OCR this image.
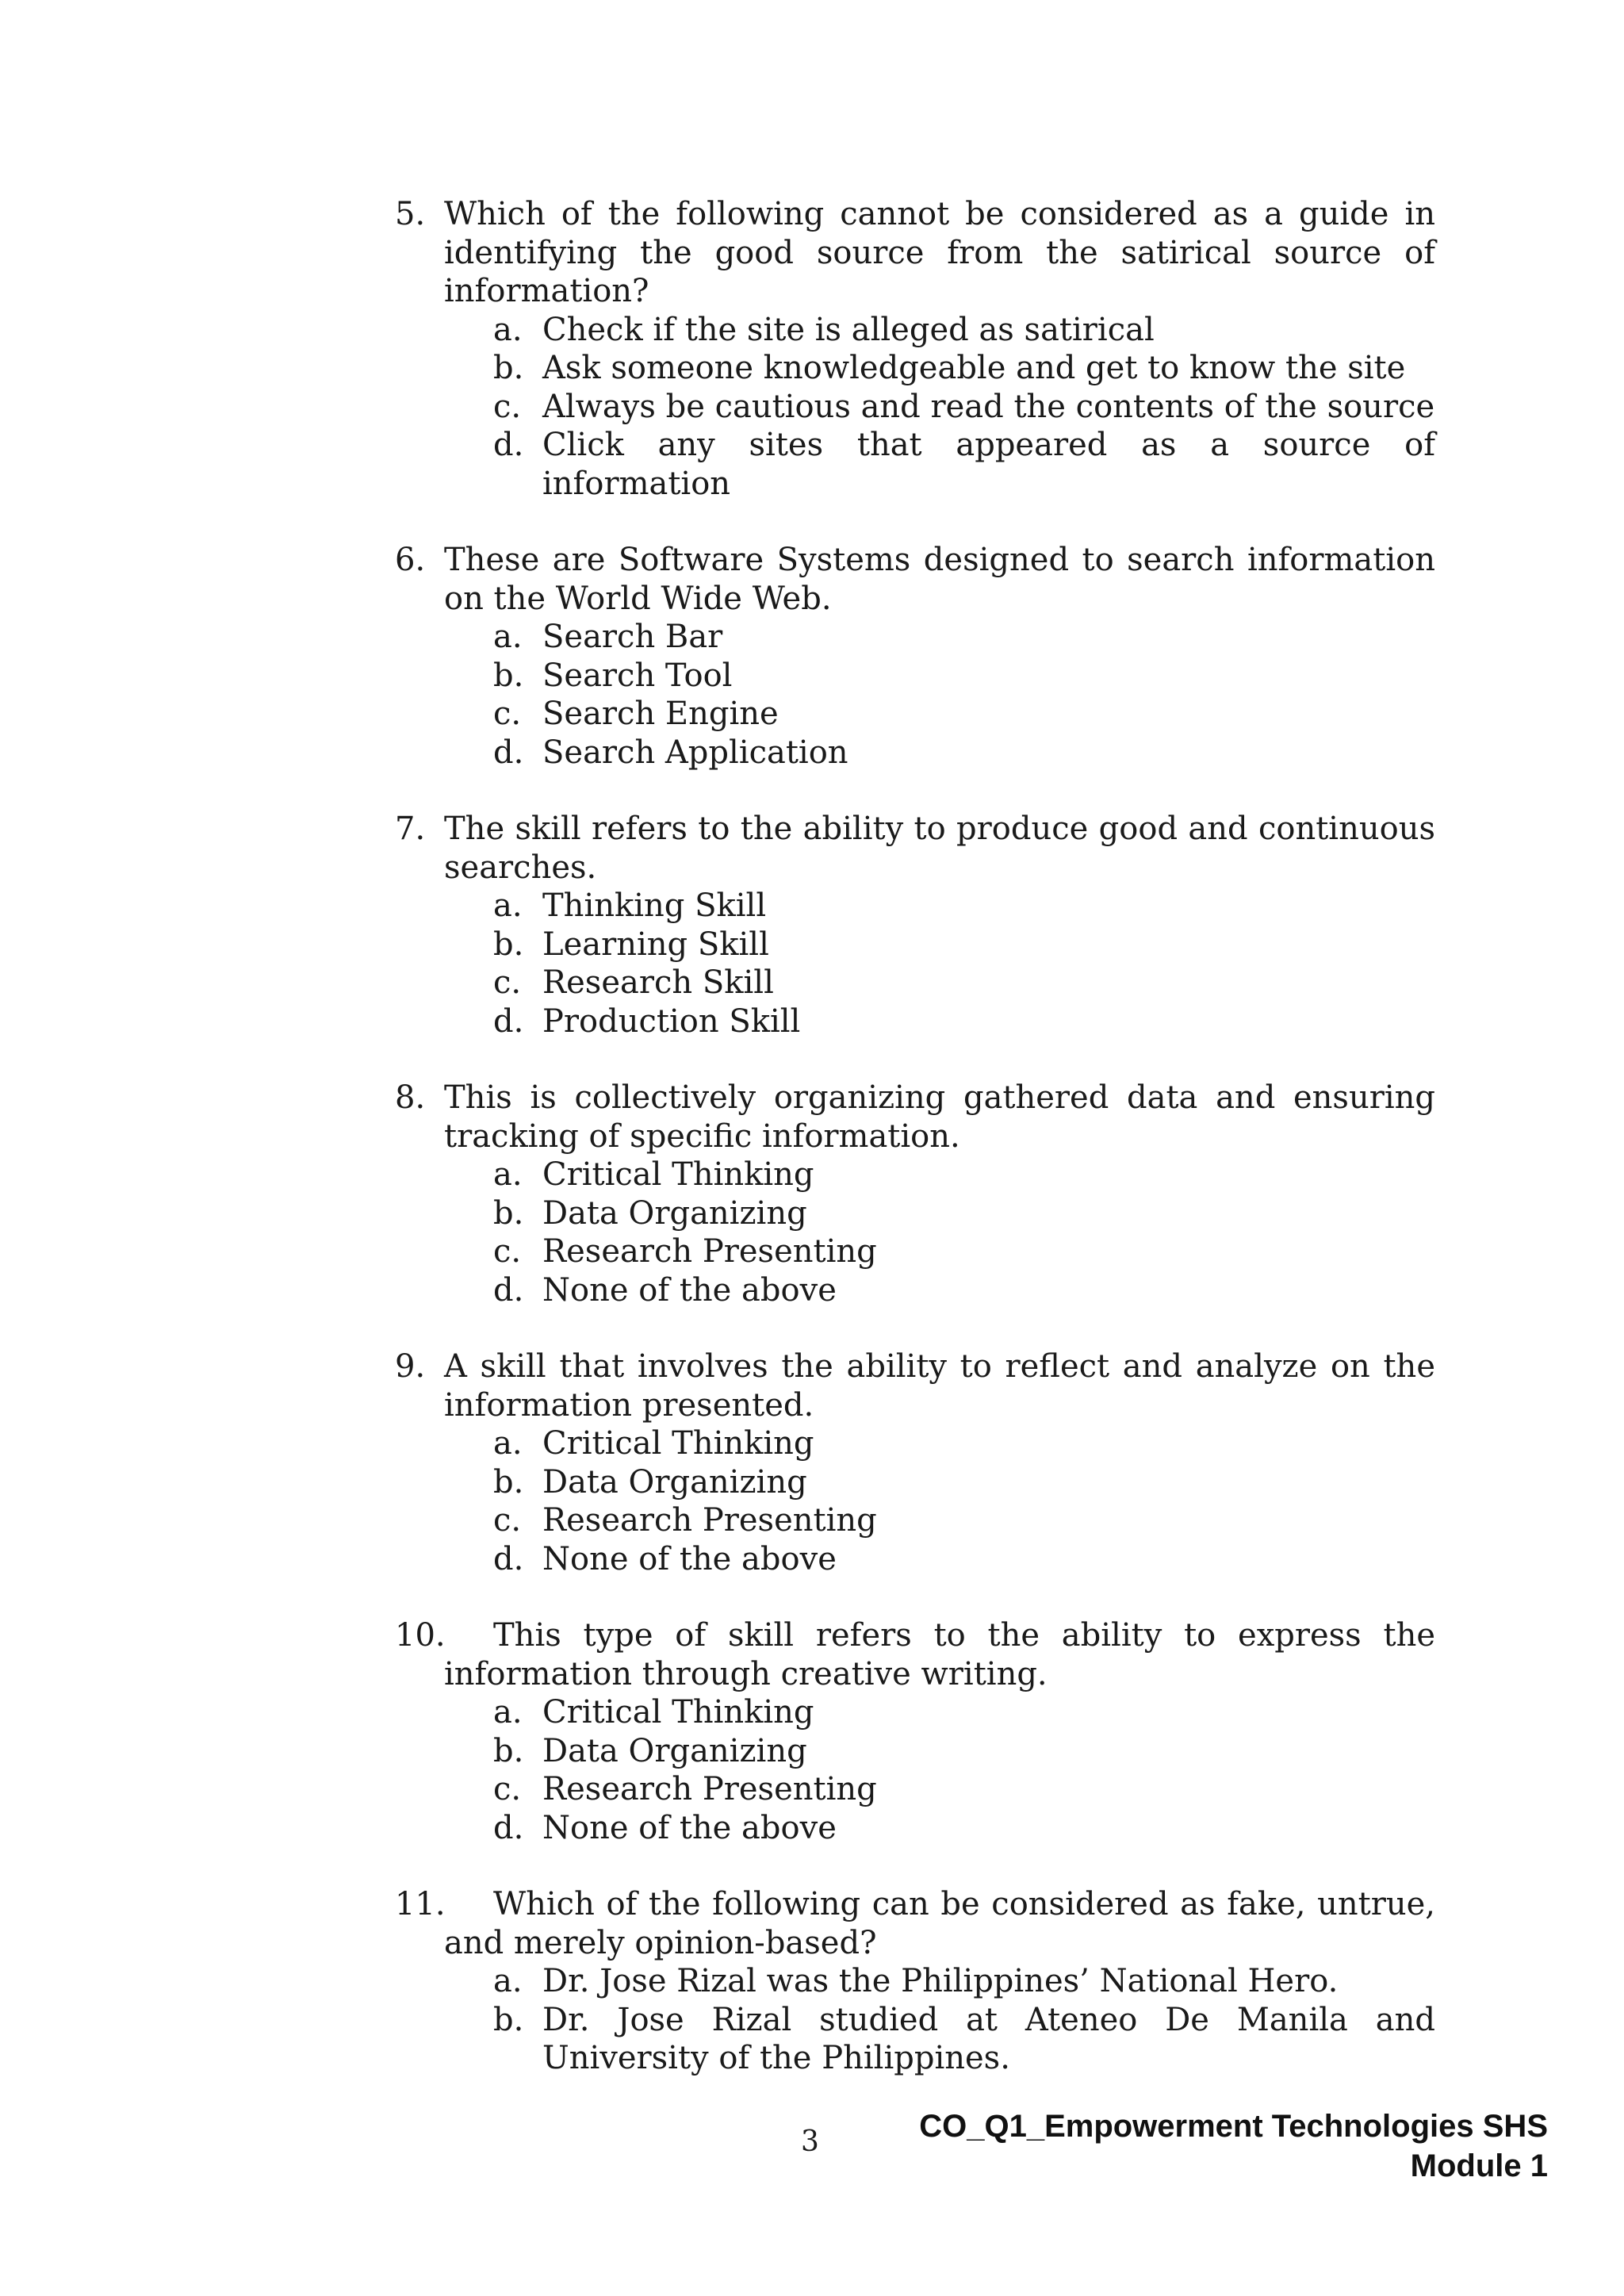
5. Which of the following cannot be considered as a guide in identifying the good source from the satirical source of information?
a. Check if the site is alleged as satirical
b. Ask someone knowledgeable and get to know the site
c. Always be cautious and read the contents of the source
d. Click any sites that appeared as a source of information
6. These are Software Systems designed to search information on the World Wide Web.
a. Search Bar
b. Search Tool
c. Search Engine
d. Search Application
7. The skill refers to the ability to produce good and continuous searches.
a. Thinking Skill
b. Learning Skill
c. Research Skill
d. Production Skill
8. This is collectively organizing gathered data and ensuring tracking of specific information.
a. Critical Thinking
b. Data Organizing
c. Research Presenting
d. None of the above
9. A skill that involves the ability to reflect and analyze on the information presented.
a. Critical Thinking
b. Data Organizing
c. Research Presenting
d. None of the above
10.	This type of skill refers to the ability to express the
information through creative writing.
a. Critical Thinking
b. Data Organizing
c. Research Presenting
d. None of the above
11.	Which of the following can be considered as fake, untrue,
and merely opinion-based?
a. Dr. Jose Rizal was the Philippines’ National Hero.
b. Dr. Jose Rizal studied at Ateneo De Manila and University of the Philippines.
3	CO_Q1_Empowerment Technologies SHS
Module 1
